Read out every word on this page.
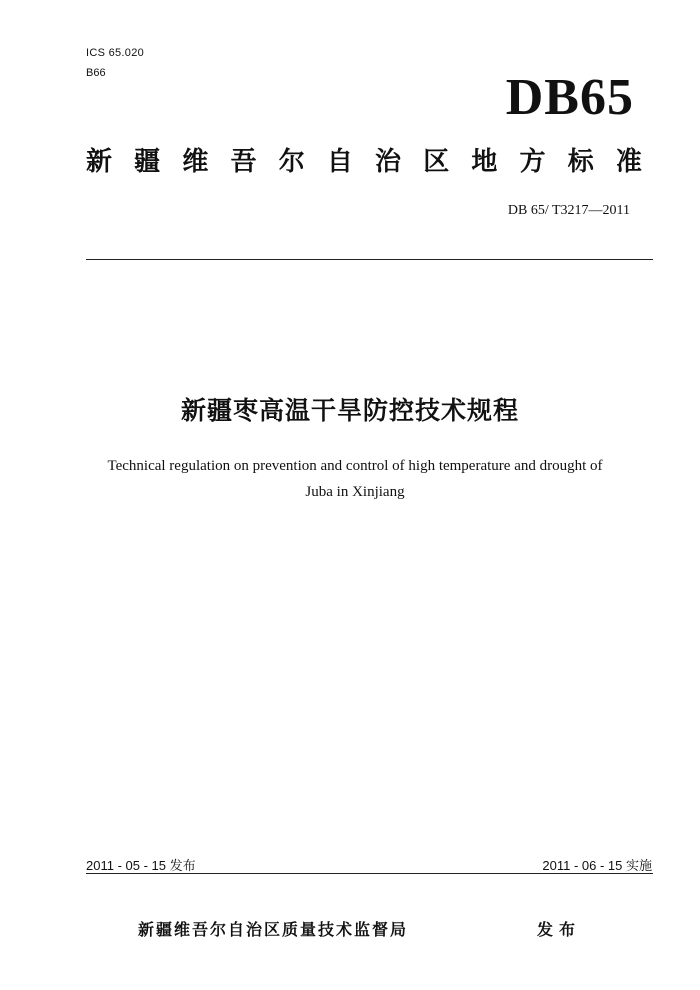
ICS 65.020
B66	DB65
新 疆 维 吾 尔 自 治 区 地 方 标 准
DB 65/ T3217—2011
新疆枣高温干旱防控技术规程
Technical regulation on prevention and control of high temperature and drought of
Juba in Xinjiang
2011 - 05 - 15 发布	2011 - 06 - 15 实施
新疆维吾尔自治区质量技术监督局	发布
